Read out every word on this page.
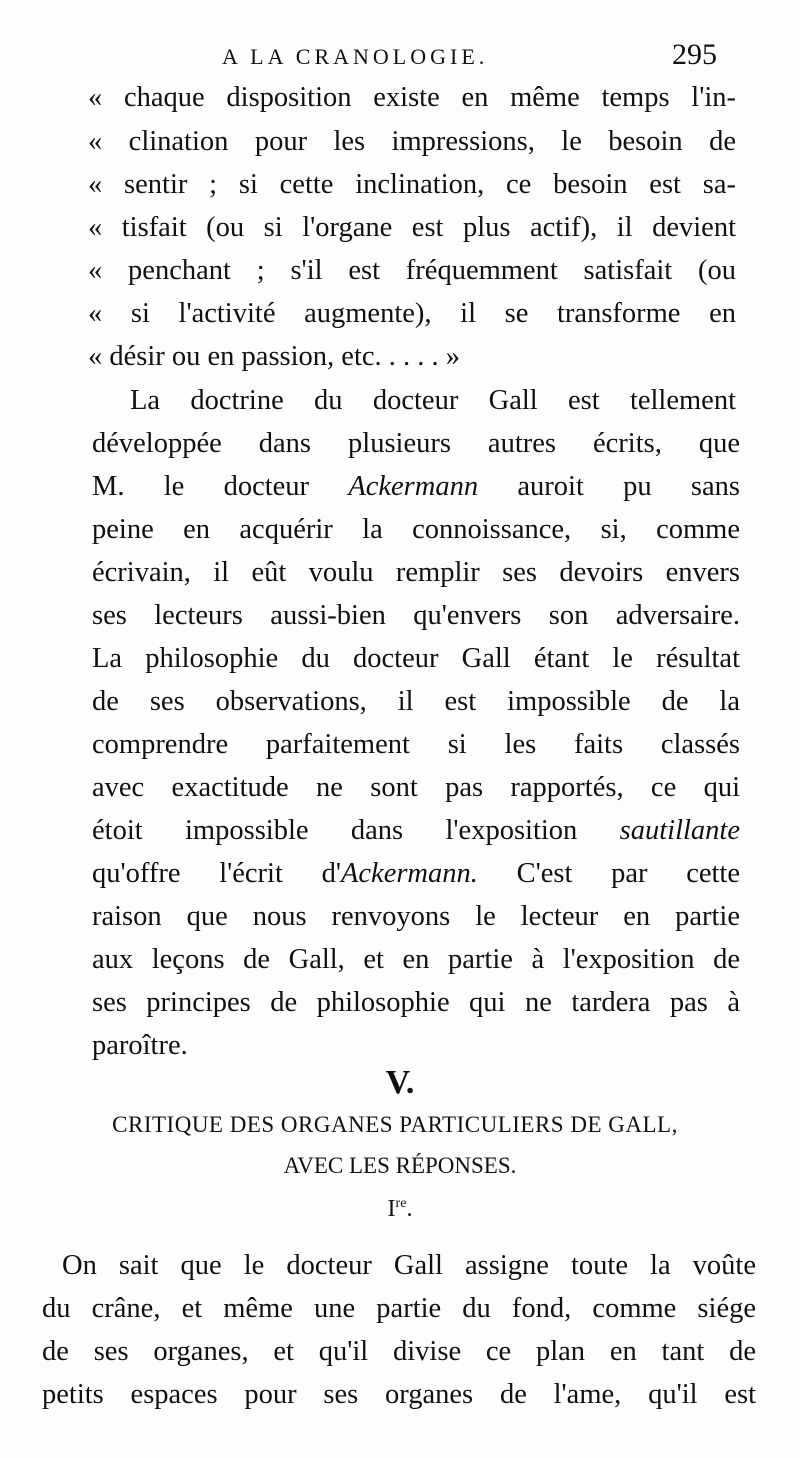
A LA CRANOLOGIE.	295
« chaque disposition existe en même temps l'in-
« clination pour les impressions, le besoin de
« sentir ; si cette inclination, ce besoin est sa-
« tisfait (ou si l'organe est plus actif), il devient
« penchant ; s'il est fréquemment satisfait (ou
« si l'activité augmente), il se transforme en
« désir ou en passion, etc. . . . . »
La doctrine du docteur Gall est tellement
développée dans plusieurs autres écrits, que
M. le docteur Ackermann auroit pu sans
peine en acquérir la connoissance, si, comme
écrivain, il eût voulu remplir ses devoirs envers
ses lecteurs aussi-bien qu'envers son adversaire.
La philosophie du docteur Gall étant le résultat
de ses observations, il est impossible de la
comprendre parfaitement si les faits classés
avec exactitude ne sont pas rapportés, ce qui
étoit impossible dans l'exposition sautillante
qu'offre l'écrit d'Ackermann. C'est par cette
raison que nous renvoyons le lecteur en partie
aux leçons de Gall, et en partie à l'exposition de
ses principes de philosophie qui ne tardera pas à
paroître.
V.
CRITIQUE DES ORGANES PARTICULIERS DE GALL,
AVEC LES RÉPONSES.
Ire.
On sait que le docteur Gall assigne toute la voûte
du crâne, et même une partie du fond, comme siége
de ses organes, et qu'il divise ce plan en tant de
petits espaces pour ses organes de l'ame, qu'il est
